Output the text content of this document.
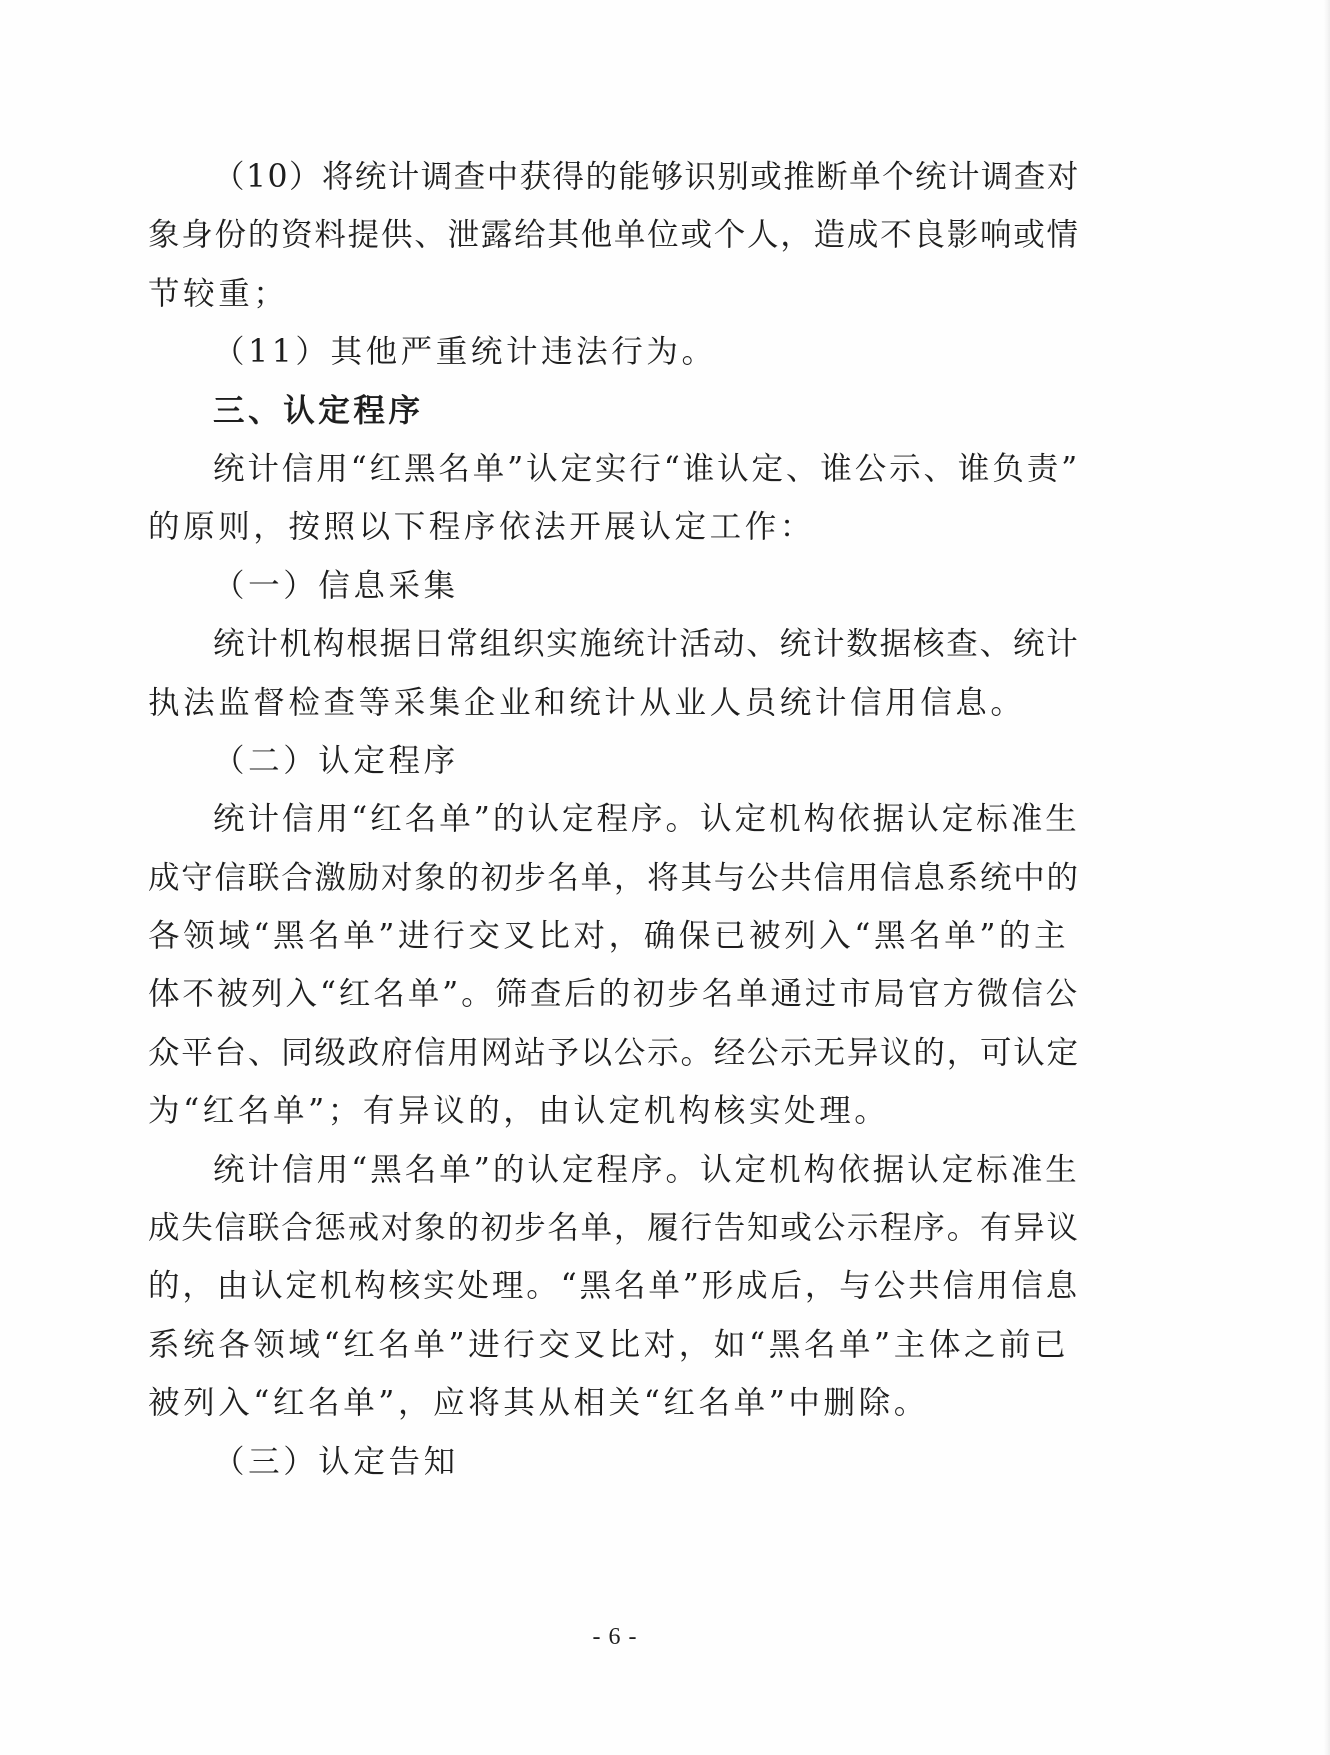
（10）将统计调查中获得的能够识别或推断单个统计调查对
象身份的资料提供、泄露给其他单位或个人，造成不良影响或情
节较重；
（11）其他严重统计违法行为。
三、认定程序
统计信用“红黑名单”认定实行“谁认定、谁公示、谁负责”
的原则，按照以下程序依法开展认定工作：
（一）信息采集
统计机构根据日常组织实施统计活动、统计数据核查、统计
执法监督检查等采集企业和统计从业人员统计信用信息。
（二）认定程序
统计信用“红名单”的认定程序。认定机构依据认定标准生
成守信联合激励对象的初步名单，将其与公共信用信息系统中的
各领域“黑名单”进行交叉比对，确保已被列入“黑名单”的主
体不被列入“红名单”。筛查后的初步名单通过市局官方微信公
众平台、同级政府信用网站予以公示。经公示无异议的，可认定
为“红名单”；有异议的，由认定机构核实处理。
统计信用“黑名单”的认定程序。认定机构依据认定标准生
成失信联合惩戒对象的初步名单，履行告知或公示程序。有异议
的，由认定机构核实处理。“黑名单”形成后，与公共信用信息
系统各领域“红名单”进行交叉比对，如“黑名单”主体之前已
被列入“红名单”，应将其从相关“红名单”中删除。
（三）认定告知
- 6 -
